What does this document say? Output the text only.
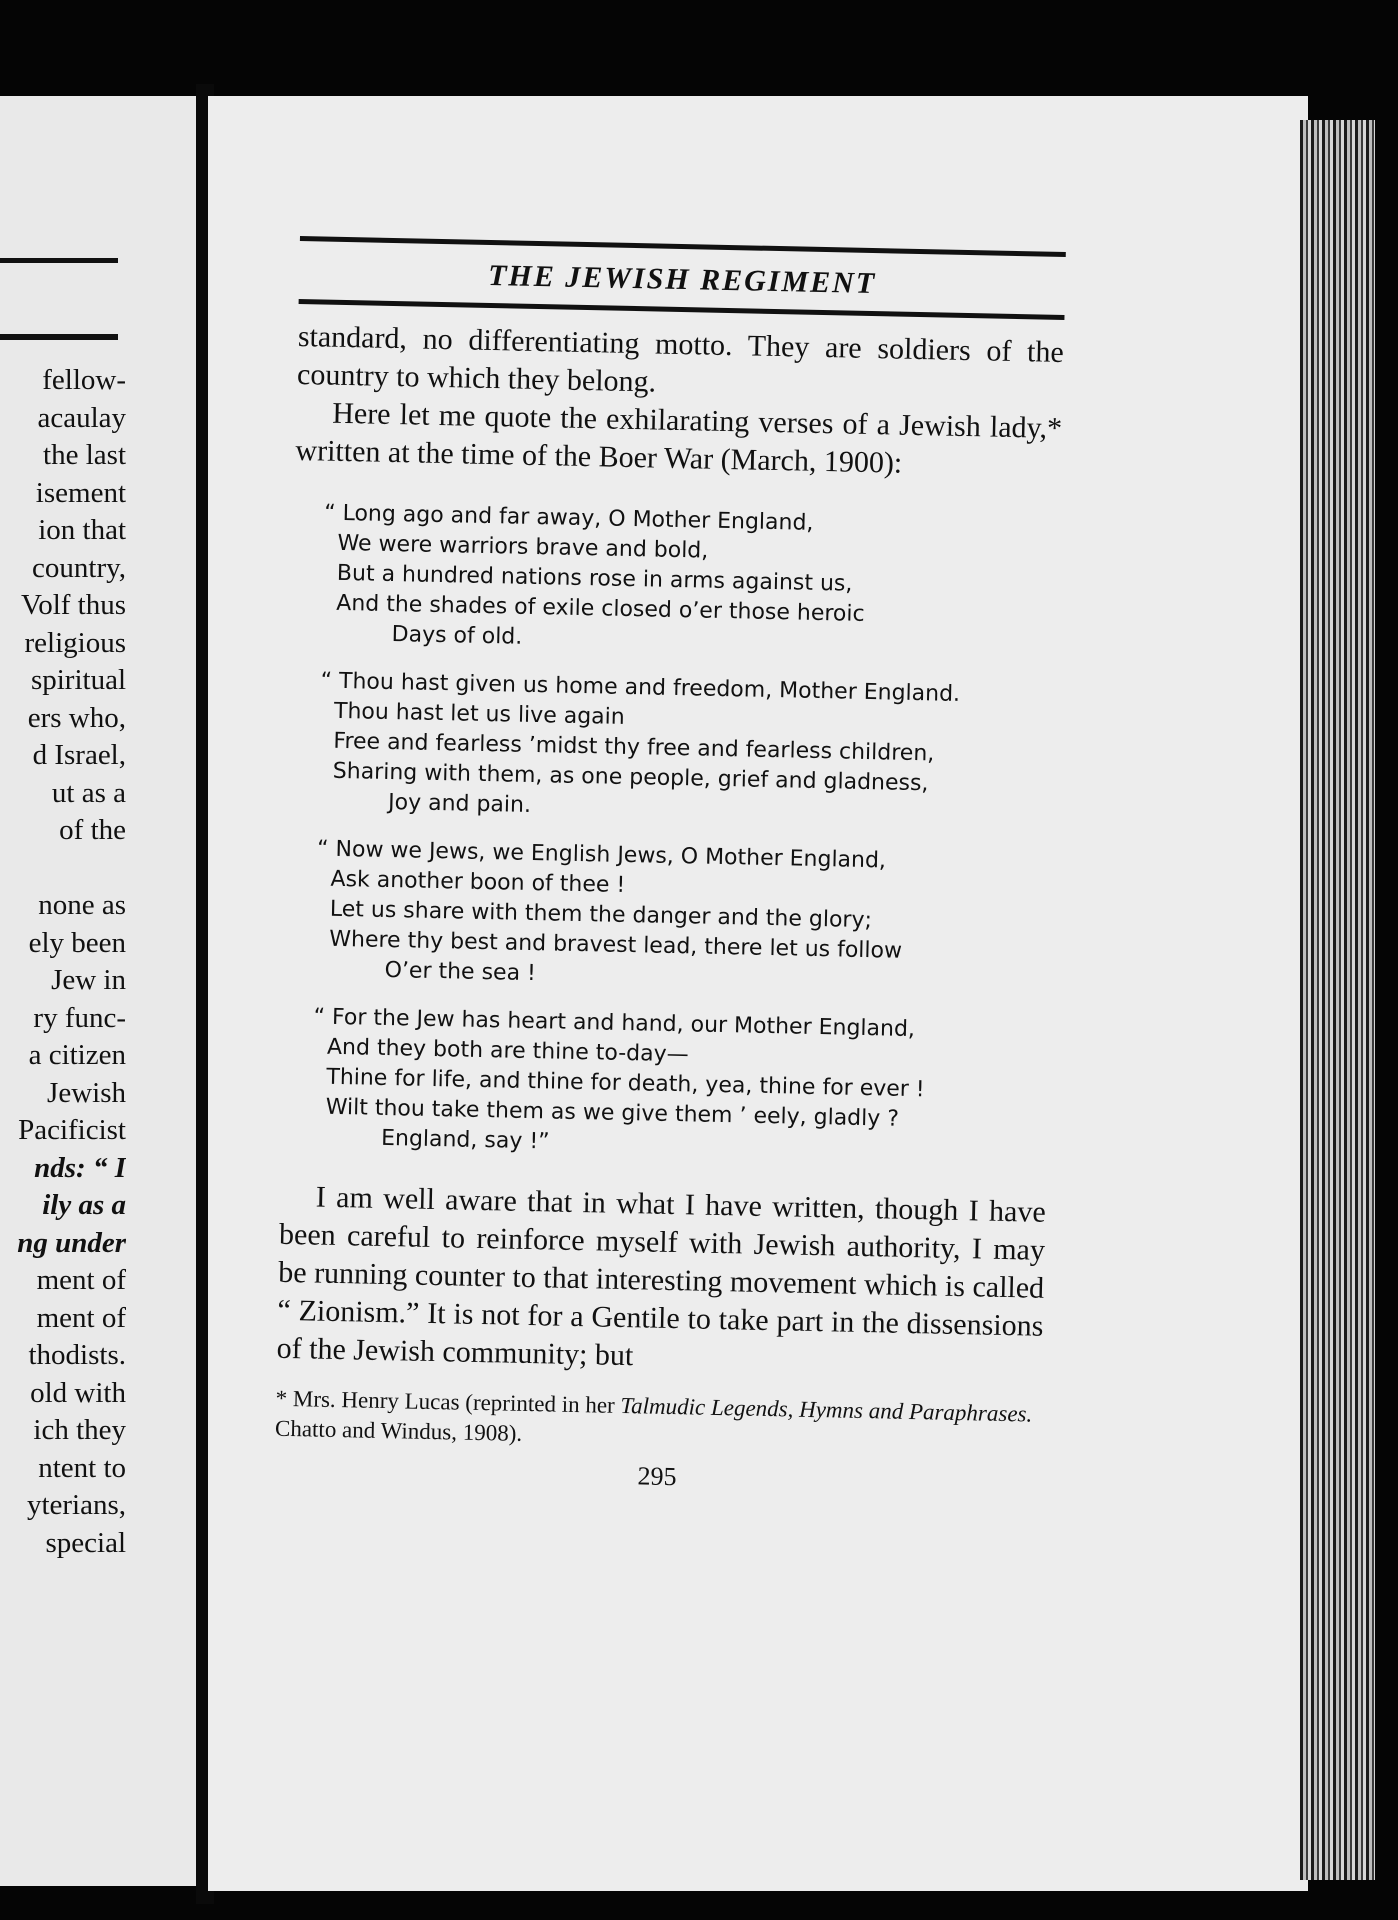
fellow-
acaulay
the last
isement
ion that
country,
Volf thus
religious
spiritual
ers who,
d Israel,
ut as a
of the
none as
ely been
Jew in
ry func-
a citizen
Jewish
Pacificist
nds: “ I
ily as a
ng under
ment of
ment of
thodists.
old with
ich they
ntent to
yterians,
special
THE JEWISH REGIMENT

standard, no differentiating motto. They are soldiers of the country to which they belong.

Here let me quote the exhilarating verses of a Jewish lady,* written at the time of the Boer War (March, 1900):

“ Long ago and far away, O Mother England,
We were warriors brave and bold,
But a hundred nations rose in arms against us,
And the shades of exile closed o’er those heroic
Days of old.
“ Thou hast given us home and freedom, Mother England.
Thou hast let us live again
Free and fearless ’midst thy free and fearless children,
Sharing with them, as one people, grief and gladness,
Joy and pain.
“ Now we Jews, we English Jews, O Mother England,
Ask another boon of thee !
Let us share with them the danger and the glory;
Where thy best and bravest lead, there let us follow
O’er the sea !
“ For the Jew has heart and hand, our Mother England,
And they both are thine to-day—
Thine for life, and thine for death, yea, thine for ever !
Wilt thou take them as we give them ’ eely, gladly ?
England, say !”

I am well aware that in what I have written, though I have been careful to reinforce myself with Jewish authority, I may be running counter to that interesting movement which is called “ Zionism.” It is not for a Gentile to take part in the dissensions of the Jewish community; but

* Mrs. Henry Lucas (reprinted in her Talmudic Legends, Hymns and Paraphrases. Chatto and Windus, 1908).
295
